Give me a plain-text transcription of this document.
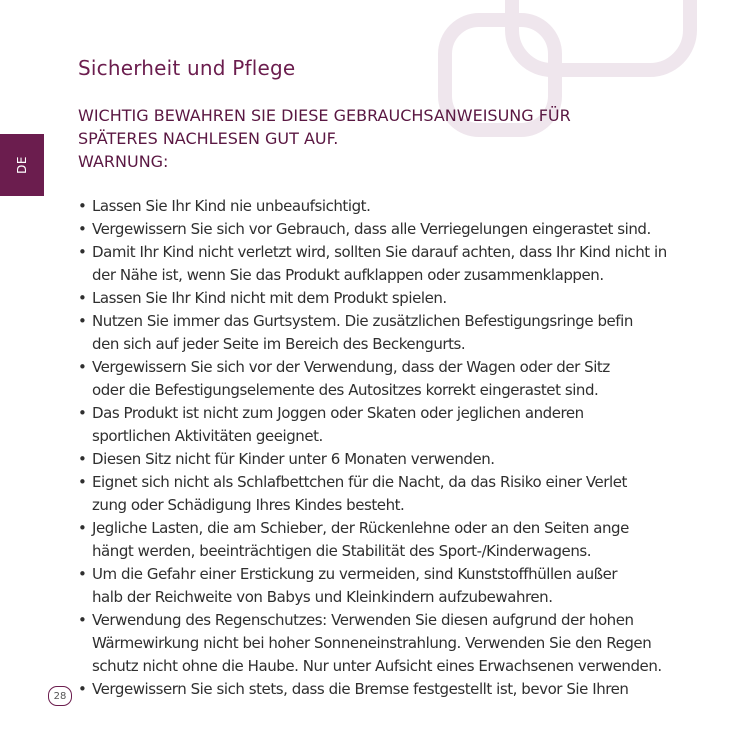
DE
Sicherheit und Pflege
WICHTIG BEWAHREN SIE DIESE GEBRAUCHSANWEISUNG FÜR
SPÄTERES NACHLESEN GUT AUF.
WARNUNG:
• Lassen Sie Ihr Kind nie unbeaufsichtigt.
• Vergewissern Sie sich vor Gebrauch, dass alle Verriegelungen eingerastet sind.
• Damit Ihr Kind nicht verletzt wird, sollten Sie darauf achten, dass Ihr Kind nicht in
der Nähe ist, wenn Sie das Produkt aufklappen oder zusammenklappen.
• Lassen Sie Ihr Kind nicht mit dem Produkt spielen.
• Nutzen Sie immer das Gurtsystem. Die zusätzlichen Befestigungsringe befin
den sich auf jeder Seite im Bereich des Beckengurts.
• Vergewissern Sie sich vor der Verwendung, dass der Wagen oder der Sitz
oder die Befestigungselemente des Autositzes korrekt eingerastet sind.
• Das Produkt ist nicht zum Joggen oder Skaten oder jeglichen anderen
sportlichen Aktivitäten geeignet.
• Diesen Sitz nicht für Kinder unter 6 Monaten verwenden.
• Eignet sich nicht als Schlafbettchen für die Nacht, da das Risiko einer Verlet
zung oder Schädigung Ihres Kindes besteht.
• Jegliche Lasten, die am Schieber, der Rückenlehne oder an den Seiten ange
hängt werden, beeinträchtigen die Stabilität des Sport-/Kinderwagens.
• Um die Gefahr einer Erstickung zu vermeiden, sind Kunststoffhüllen außer
halb der Reichweite von Babys und Kleinkindern aufzubewahren.
• Verwendung des Regenschutzes: Verwenden Sie diesen aufgrund der hohen
Wärmewirkung nicht bei hoher Sonneneinstrahlung. Verwenden Sie den Regen
schutz nicht ohne die Haube. Nur unter Aufsicht eines Erwachsenen verwenden.
• Vergewissern Sie sich stets, dass die Bremse festgestellt ist, bevor Sie Ihren
28
